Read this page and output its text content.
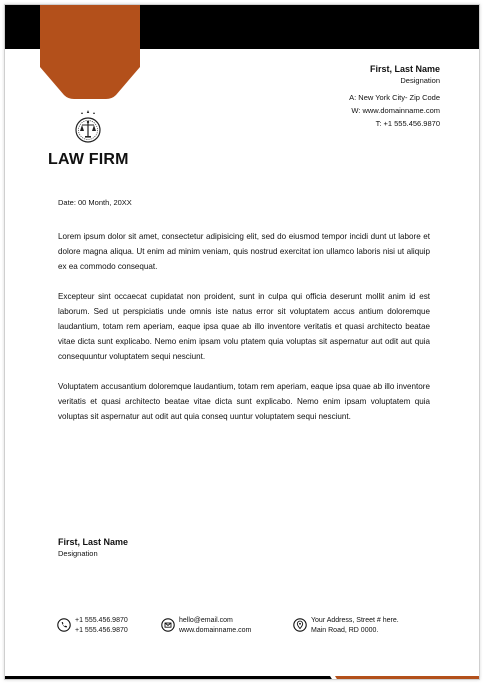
First, Last Name
Designation
A: New York City- Zip Code
W: www.domainname.com
T: +1 555.456.9870
LAW FIRM
Date: 00 Month, 20XX

Lorem ipsum dolor sit amet, consectetur adipisicing elit, sed do eiusmod tempor incidi dunt ut labore et dolore magna aliqua. Ut enim ad minim veniam, quis nostrud exercitat ion ullamco laboris nisi ut aliquip ex ea commodo consequat.

Excepteur sint occaecat cupidatat non proident, sunt in culpa qui officia deserunt mollit anim id est laborum. Sed ut perspiciatis unde omnis iste natus error sit voluptatem accus antium doloremque laudantium, totam rem aperiam, eaque ipsa quae ab illo inventore veritatis et quasi architecto beatae vitae dicta sunt explicabo. Nemo enim ipsam volu ptatem quia voluptas sit aspernatur aut odit aut quia consequuntur voluptatem sequi nesciunt.

Voluptatem accusantium doloremque laudantium, totam rem aperiam, eaque ipsa quae ab illo inventore veritatis et quasi architecto beatae vitae dicta sunt explicabo. Nemo enim ipsam voluptatem quia voluptas sit aspernatur aut odit aut quia conseq uuntur voluptatem sequi nesciunt.

First, Last Name
Designation
+1 555.456.9870
+1 555.456.9870
hello@email.com
www.domainname.com
Your Address, Street # here.
Main Road, RD 0000.
